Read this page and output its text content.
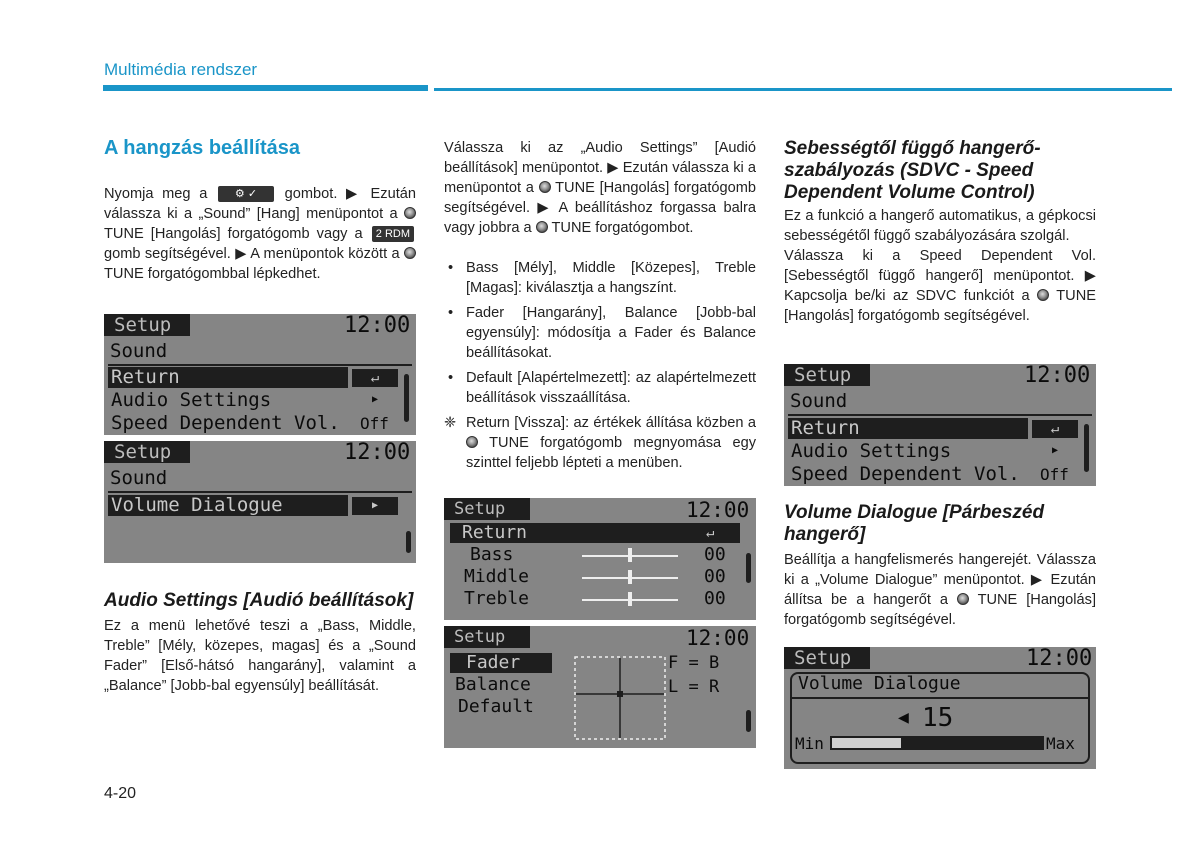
Multimédia rendszer

A hangzás beállítása

Nyomja meg a	⚙ ✓ gombot. ▶ Ezután válassza ki a „Sound” [Hang] menüpontot a  TUNE [Hangolás] forgatógomb vagy a 2 RDM gomb segítségével. ▶ A menüpontok között a  TUNE forgatógombbal lépkedhet.

Setup	12:00
Sound
Return	↵
Audio Settings	▶
Speed Dependent Vol.	Off
Setup	12:00
Sound
Volume Dialogue	▶

Audio Settings [Audió beállítások]

Ez a menü lehetővé teszi a „Bass, Middle, Treble” [Mély, közepes, magas] és a „Sound Fader” [Első-hátsó hangarány], valamint a „Balance” [Jobb-bal egyensúly] beállítását.

Válassza ki az „Audio Settings” [Audió beállítások] menüpontot. ▶ Ezután válassza ki a menüpontot a TUNE [Hangolás] forgatógomb segítségével. ▶ A beállításhoz forgassa balra vagy jobbra a TUNE forgatógombot.

• Bass [Mély], Middle [Közepes], Treble [Magas]: kiválasztja a hangszínt.
• Fader [Hangarány], Balance [Jobb-bal egyensúly]: módosítja a Fader és Balance beállításokat.
• Default [Alapértelmezett]: az alapértelmezett beállítások visszaállítása.
❈ Return [Vissza]: az értékek állítása közben a  TUNE forgatógomb megnyomása egy szinttel feljebb lépteti a menüben.
Setup	12:00
Return	↵
Bass	00
Middle	00
Treble	00
Setup	12:00
Fader
Balance
Default
F = B
L = R

Sebességtől függő hangerő-szabályozás (SDVC - Speed Dependent Volume Control)

Ez a funkció a hangerő automatikus, a gépkocsi sebességétől függő szabályozására szolgál.

Válassza ki a Speed Dependent Vol. [Sebességtől függő hangerő] menüpontot. ▶ Kapcsolja be/ki az SDVC funkciót a TUNE [Hangolás] forgatógomb segítségével.

Setup	12:00
Sound
Return	↵
Audio Settings	▶
Speed Dependent Vol.	Off

Volume Dialogue [Párbeszéd hangerő]

Beállítja a hangfelismerés hangerejét. Válassza ki a „Volume Dialogue” menüpontot. ▶ Ezután állítsa be a hangerőt a TUNE [Hangolás] forgatógomb segítségével.

Setup	12:00
Volume Dialogue
◀ 15
Min	Max
4-20
